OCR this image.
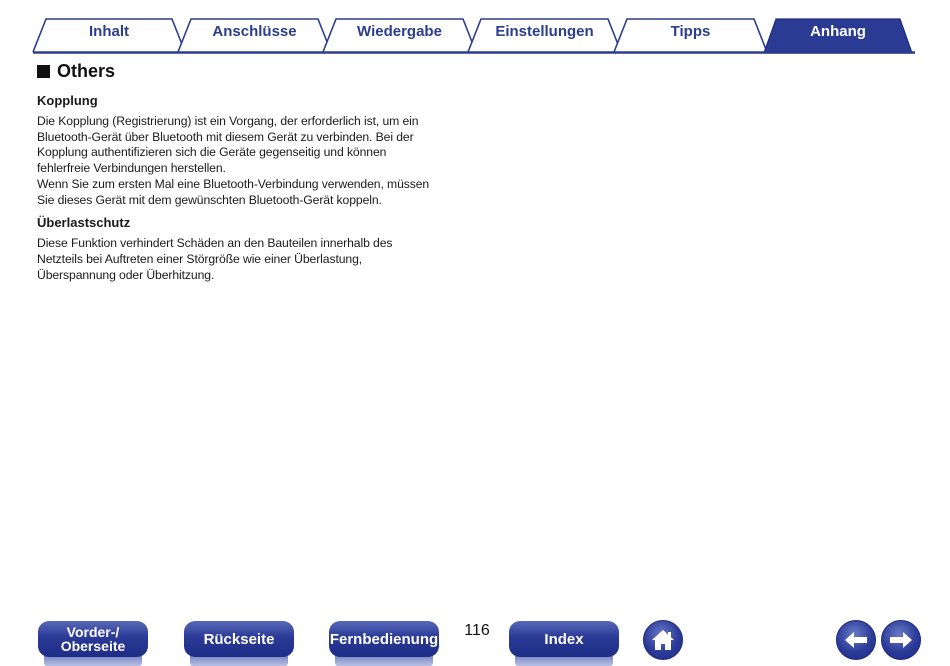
Inhalt	Anschlüsse	Wiedergabe	Einstellungen	Tipps	Anhang
Others
Kopplung

Die Kopplung (Registrierung) ist ein Vorgang, der erforderlich ist, um ein
Bluetooth-Gerät über Bluetooth mit diesem Gerät zu verbinden. Bei der
Kopplung authentifizieren sich die Geräte gegenseitig und können
fehlerfreie Verbindungen herstellen.
Wenn Sie zum ersten Mal eine Bluetooth-Verbindung verwenden, müssen
Sie dieses Gerät mit dem gewünschten Bluetooth-Gerät koppeln.

Überlastschutz

Diese Funktion verhindert Schäden an den Bauteilen innerhalb des
Netzteils bei Auftreten einer Störgröße wie einer Überlastung,
Überspannung oder Überhitzung.

Vorder-/
Oberseite	Rückseite	Fernbedienung	116	Index
